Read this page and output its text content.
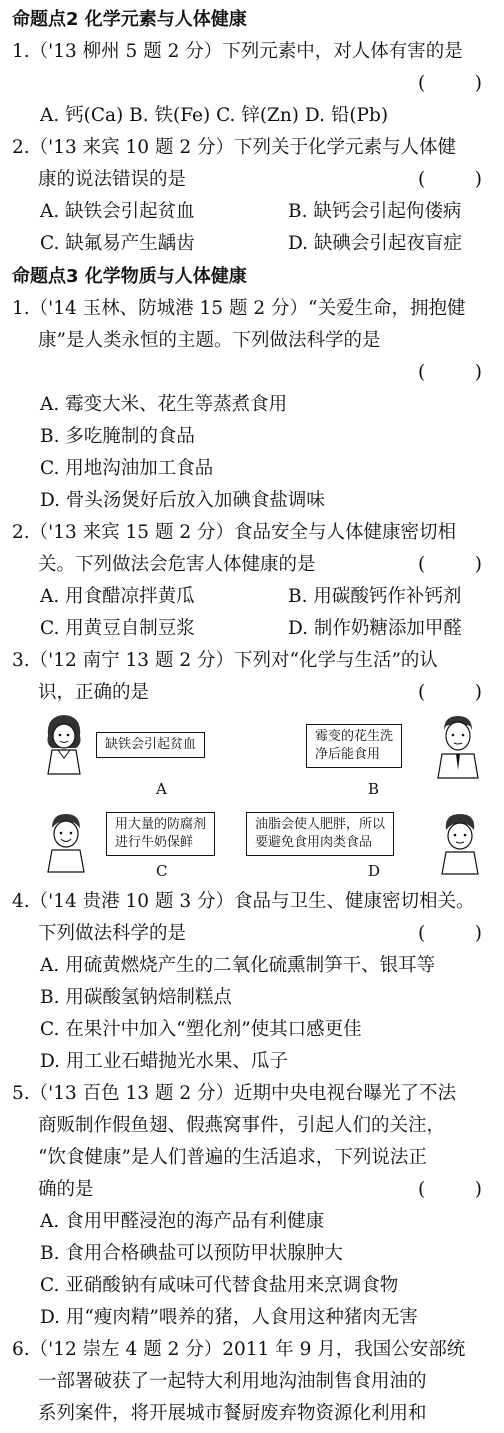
命题点2 化学元素与人体健康
1.（'13 柳州 5 题 2 分）下列元素中，对人体有害的是
(	)
A. 钙(Ca) B. 铁(Fe) C. 锌(Zn) D. 铅(Pb)
2.（'13 来宾 10 题 2 分）下列关于化学元素与人体健
康的说法错误的是	(	)
A. 缺铁会引起贫血	B. 缺钙会引起佝偻病
C. 缺氟易产生龋齿	D. 缺碘会引起夜盲症
命题点3 化学物质与人体健康
1.（'14 玉林、防城港 15 题 2 分）“关爱生命，拥抱健
康”是人类永恒的主题。下列做法科学的是
(	)
A. 霉变大米、花生等蒸煮食用
B. 多吃腌制的食品
C. 用地沟油加工食品
D. 骨头汤煲好后放入加碘食盐调味
2.（'13 来宾 15 题 2 分）食品安全与人体健康密切相
关。下列做法会危害人体健康的是	(	)
A. 用食醋凉拌黄瓜	B. 用碳酸钙作补钙剂
C. 用黄豆自制豆浆	D. 制作奶糖添加甲醛
3.（'12 南宁 13 题 2 分）下列对“化学与生活”的认
识，正确的是	(	)
缺铁会引起贫血
A
霉变的花生洗
净后能食用
B
用大量的防腐剂
进行牛奶保鲜
C
油脂会使人肥胖，所以
要避免食用肉类食品
D
4.（'14 贵港 10 题 3 分）食品与卫生、健康密切相关。
下列做法科学的是	(	)
A. 用硫黄燃烧产生的二氧化硫熏制笋干、银耳等
B. 用碳酸氢钠焙制糕点
C. 在果汁中加入“塑化剂”使其口感更佳
D. 用工业石蜡抛光水果、瓜子
5.（'13 百色 13 题 2 分）近期中央电视台曝光了不法
商贩制作假鱼翅、假燕窝事件，引起人们的关注，
“饮食健康”是人们普遍的生活追求，下列说法正
确的是	(	)
A. 食用甲醛浸泡的海产品有利健康
B. 食用合格碘盐可以预防甲状腺肿大
C. 亚硝酸钠有咸味可代替食盐用来烹调食物
D. 用“瘦肉精”喂养的猪，人食用这种猪肉无害
6.（'12 崇左 4 题 2 分）2011 年 9 月，我国公安部统
一部署破获了一起特大利用地沟油制售食用油的
系列案件，将开展城市餐厨废弃物资源化利用和
